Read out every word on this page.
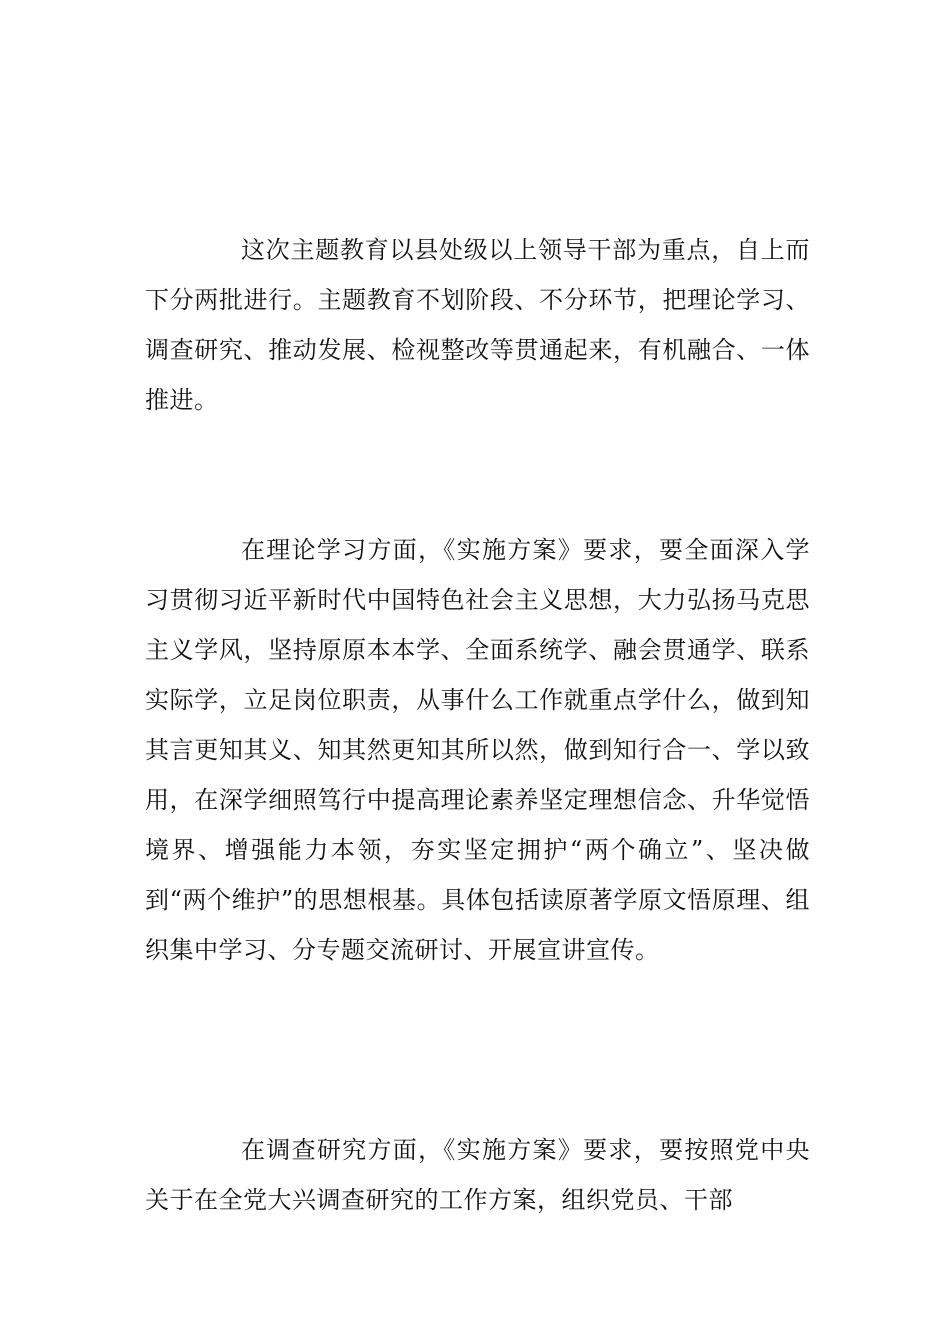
这次主题教育以县处级以上领导干部为重点，自上而下分两批进行。主题教育不划阶段、不分环节，把理论学习、调查研究、推动发展、检视整改等贯通起来，有机融合、一体推进。

在理论学习方面，《实施方案》要求，要全面深入学习贯彻习近平新时代中国特色社会主义思想，大力弘扬马克思主义学风，坚持原原本本学、全面系统学、融会贯通学、联系实际学，立足岗位职责，从事什么工作就重点学什么，做到知其言更知其义、知其然更知其所以然，做到知行合一、学以致用，在深学细照笃行中提高理论素养坚定理想信念、升华觉悟境界、增强能力本领，夯实坚定拥护“两个确立”、坚决做到“两个维护”的思想根基。具体包括读原著学原文悟原理、组织集中学习、分专题交流研讨、开展宣讲宣传。

在调查研究方面，《实施方案》要求，要按照党中央关于在全党大兴调查研究的工作方案，组织党员、干部
